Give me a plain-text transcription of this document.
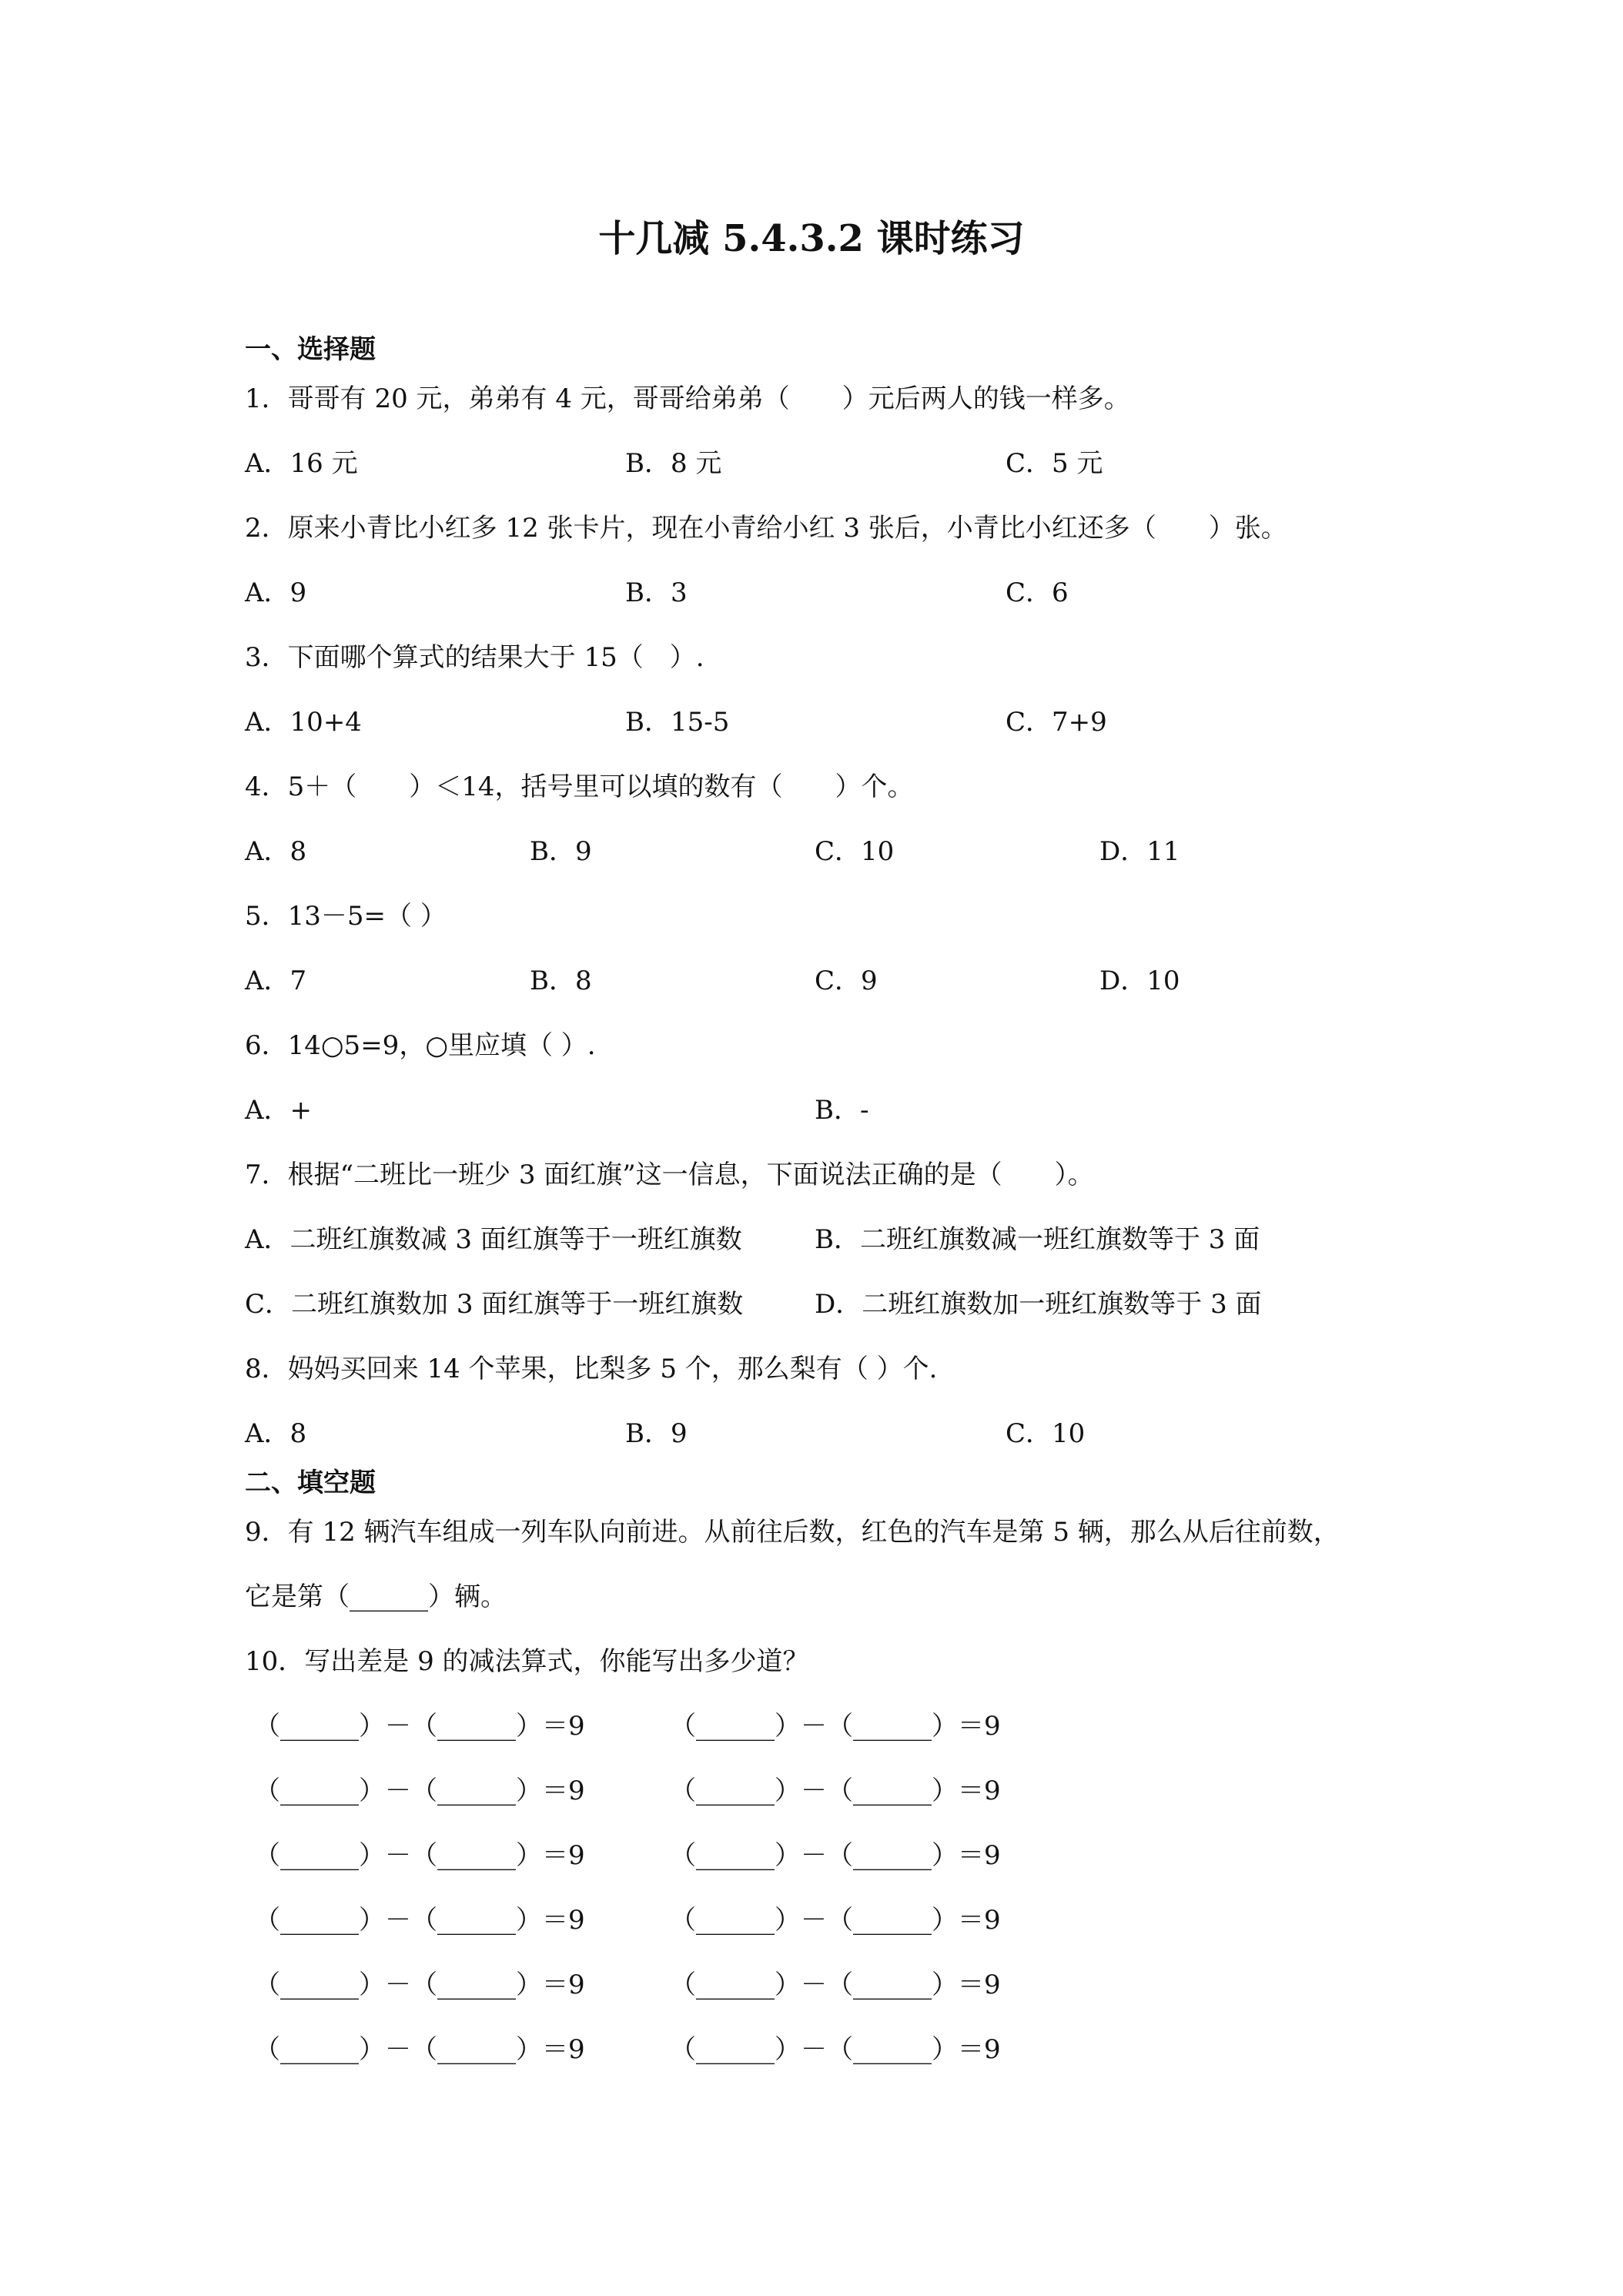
十几减 5.4.3.2 课时练习
一、选择题
1．哥哥有 20 元，弟弟有 4 元，哥哥给弟弟（　　）元后两人的钱一样多。
A．16 元	B．8 元	C．5 元
2．原来小青比小红多 12 张卡片，现在小青给小红 3 张后，小青比小红还多（　　）张。
A．9	B．3	C．6
3．下面哪个算式的结果大于 15（　）.
A．10+4	B．15-5	C．7+9
4．5＋（　　）＜14，括号里可以填的数有（　　）个。
A．8	B．9	C．10	D．11
5．13－5=（ ）
A．7	B．8	C．9	D．10
6．14○5=9，○里应填（ ）.
A．+	B．-
7．根据“二班比一班少 3 面红旗”这一信息，下面说法正确的是（　　）。
A．二班红旗数减 3 面红旗等于一班红旗数	B．二班红旗数减一班红旗数等于 3 面
C．二班红旗数加 3 面红旗等于一班红旗数	D．二班红旗数加一班红旗数等于 3 面
8．妈妈买回来 14 个苹果，比梨多 5 个，那么梨有（ ）个.
A．8	B．9	C．10
二、填空题
9．有 12 辆汽车组成一列车队向前进。从前往后数，红色的汽车是第 5 辆，那么从后往前数，
它是第（______）辆。
10．写出差是 9 的减法算式，你能写出多少道？
（______）－（______）＝9	（______）－（______）＝9
（______）－（______）＝9	（______）－（______）＝9
（______）－（______）＝9	（______）－（______）＝9
（______）－（______）＝9	（______）－（______）＝9
（______）－（______）＝9	（______）－（______）＝9
（______）－（______）＝9	（______）－（______）＝9
